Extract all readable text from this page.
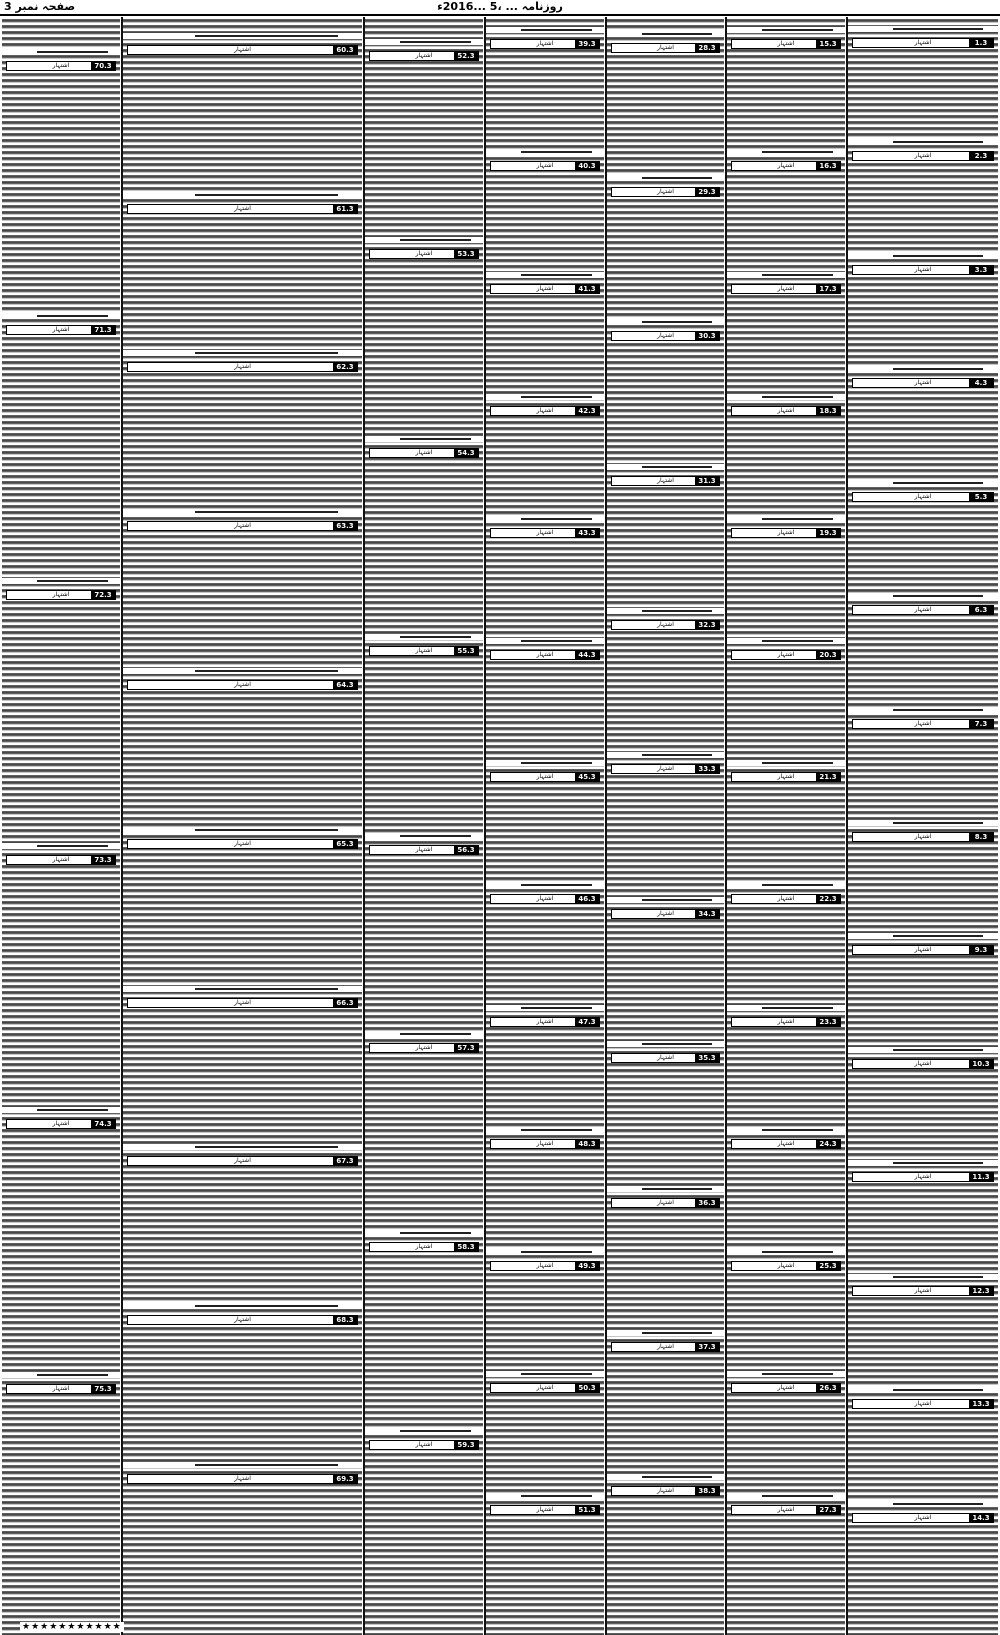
صفحہ نمبر 3	روزنامہ ... ،5 ...2016ء
اشتہار	1.3
اشتہار	2.3
اشتہار	3.3
اشتہار	4.3
اشتہار	5.3
اشتہار	6.3
اشتہار	7.3
اشتہار	8.3
اشتہار	9.3
اشتہار	10.3
اشتہار	11.3
اشتہار	12.3
اشتہار	13.3
اشتہار	14.3
اشتہار	15.3
اشتہار	16.3
اشتہار	17.3
اشتہار	18.3
اشتہار	19.3
اشتہار	20.3
اشتہار	21.3
اشتہار	22.3
اشتہار	23.3
اشتہار	24.3
اشتہار	25.3
اشتہار	26.3
اشتہار	27.3
اشتہار	28.3
اشتہار	29.3
اشتہار	30.3
اشتہار	31.3
اشتہار	32.3
اشتہار	33.3
اشتہار	34.3
اشتہار	35.3
اشتہار	36.3
اشتہار	37.3
اشتہار	38.3
اشتہار	39.3
اشتہار	40.3
اشتہار	41.3
اشتہار	42.3
اشتہار	43.3
اشتہار	44.3
اشتہار	45.3
اشتہار	46.3
اشتہار	47.3
اشتہار	48.3
اشتہار	49.3
اشتہار	50.3
اشتہار	51.3
اشتہار	52.3
اشتہار	53.3
اشتہار	54.3
اشتہار	55.3
اشتہار	56.3
اشتہار	57.3
اشتہار	58.3
اشتہار	59.3
اشتہار	60.3
اشتہار	61.3
اشتہار	62.3
اشتہار	63.3
اشتہار	64.3
اشتہار	65.3
اشتہار	66.3
اشتہار	67.3
اشتہار	68.3
اشتہار	69.3
اشتہار	70.3
اشتہار	71.3
اشتہار	72.3
اشتہار	73.3
اشتہار	74.3
اشتہار	75.3
★★★★★★★★★★★
